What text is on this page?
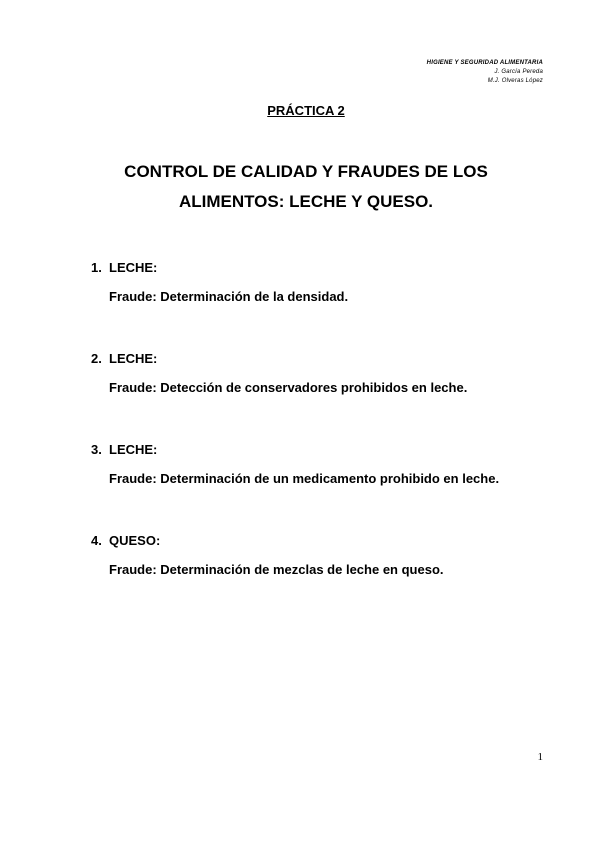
HIGIENE Y SEGURIDAD ALIMENTARIA
J. García Pereda
M.J. Olveras López
PRÁCTICA 2
CONTROL DE CALIDAD Y FRAUDES DE LOS
ALIMENTOS: LECHE Y QUESO.
1. LECHE:
Fraude: Determinación de la densidad.
2. LECHE:
Fraude: Detección de conservadores prohibidos en leche.
3. LECHE:
Fraude: Determinación de un medicamento prohibido en leche.
4. QUESO:
Fraude: Determinación de mezclas de leche en queso.
1
